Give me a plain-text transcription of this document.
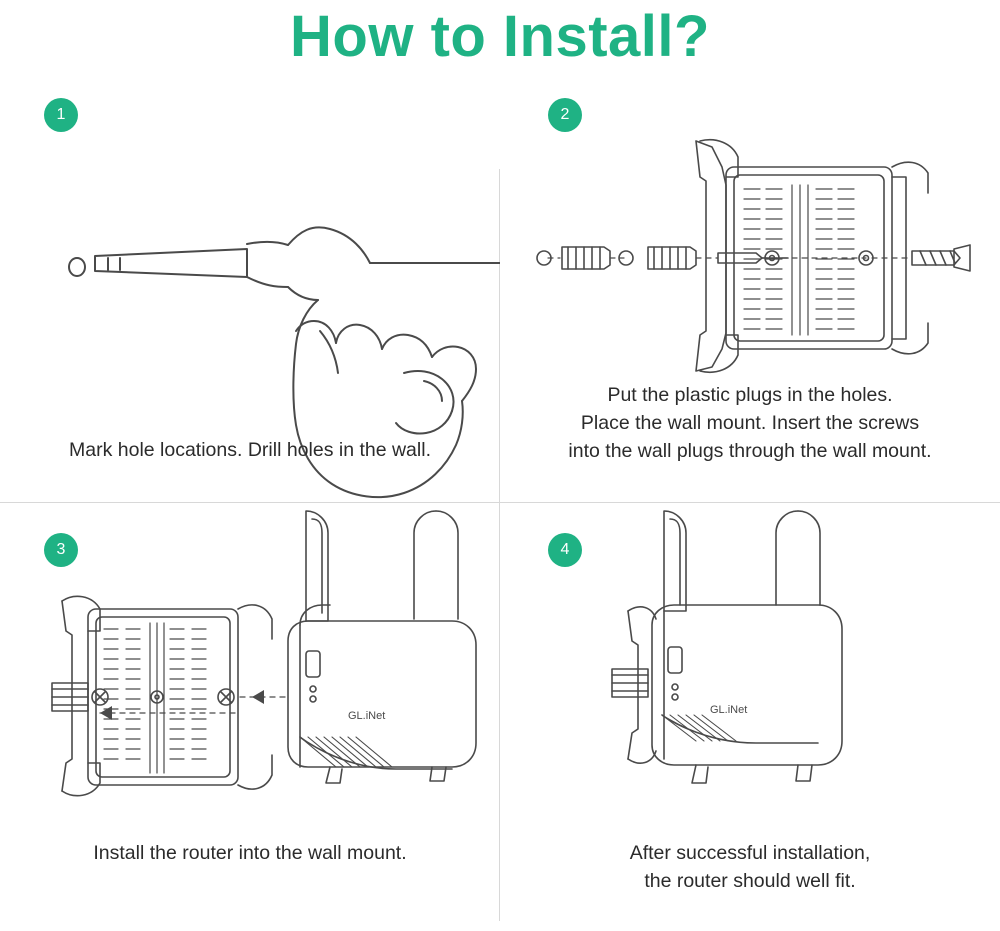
How to Install?
1
Mark hole locations. Drill holes in the wall.
2
Put the plastic plugs in the holes.
Place the wall mount. Insert the screws
into the wall plugs through the wall mount.
3
GL.iNet
Install the router into the wall mount.
4
GL.iNet
After successful installation,
the router should well fit.
